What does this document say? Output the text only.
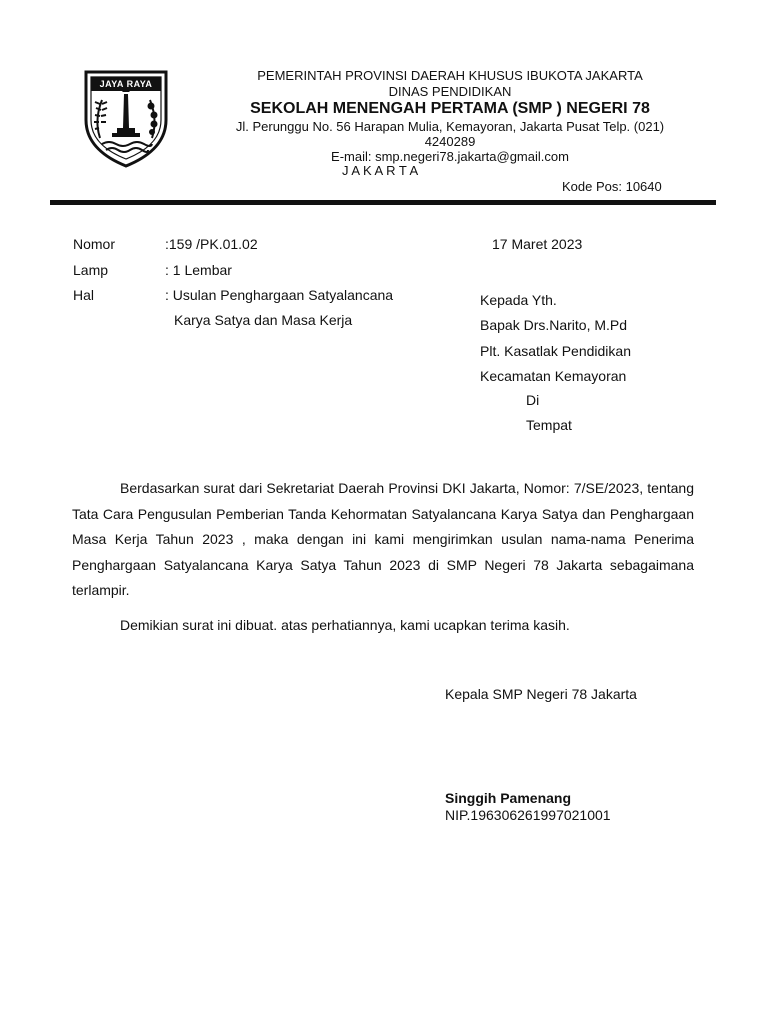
JAYA RAYA
PEMERINTAH PROVINSI DAERAH KHUSUS IBUKOTA JAKARTA
DINAS PENDIDIKAN
SEKOLAH MENENGAH PERTAMA (SMP ) NEGERI 78
Jl. Perunggu No. 56 Harapan Mulia, Kemayoran, Jakarta Pusat Telp. (021)
4240289
E-mail: smp.negeri78.jakarta@gmail.com
J A K A R T A
Kode Pos: 10640
Nomor	:159 /PK.01.02	17 Maret 2023
Lamp	: 1 Lembar
Hal	: Usulan Penghargaan Satyalancana
Karya Satya dan Masa Kerja
Kepada Yth.
Bapak Drs.Narito, M.Pd
Plt. Kasatlak Pendidikan
Kecamatan Kemayoran
Di
Tempat
Berdasarkan surat dari Sekretariat Daerah Provinsi DKI Jakarta, Nomor: 7/SE/2023, tentang Tata Cara Pengusulan Pemberian Tanda Kehormatan Satyalancana Karya Satya dan Penghargaan Masa Kerja Tahun 2023 , maka dengan ini kami mengirimkan usulan nama-nama Penerima Penghargaan Satyalancana Karya Satya Tahun 2023 di SMP Negeri 78 Jakarta sebagaimana terlampir.
Demikian surat ini dibuat. atas perhatiannya, kami ucapkan terima kasih.
Kepala SMP Negeri 78 Jakarta
Singgih Pamenang
NIP.196306261997021001
